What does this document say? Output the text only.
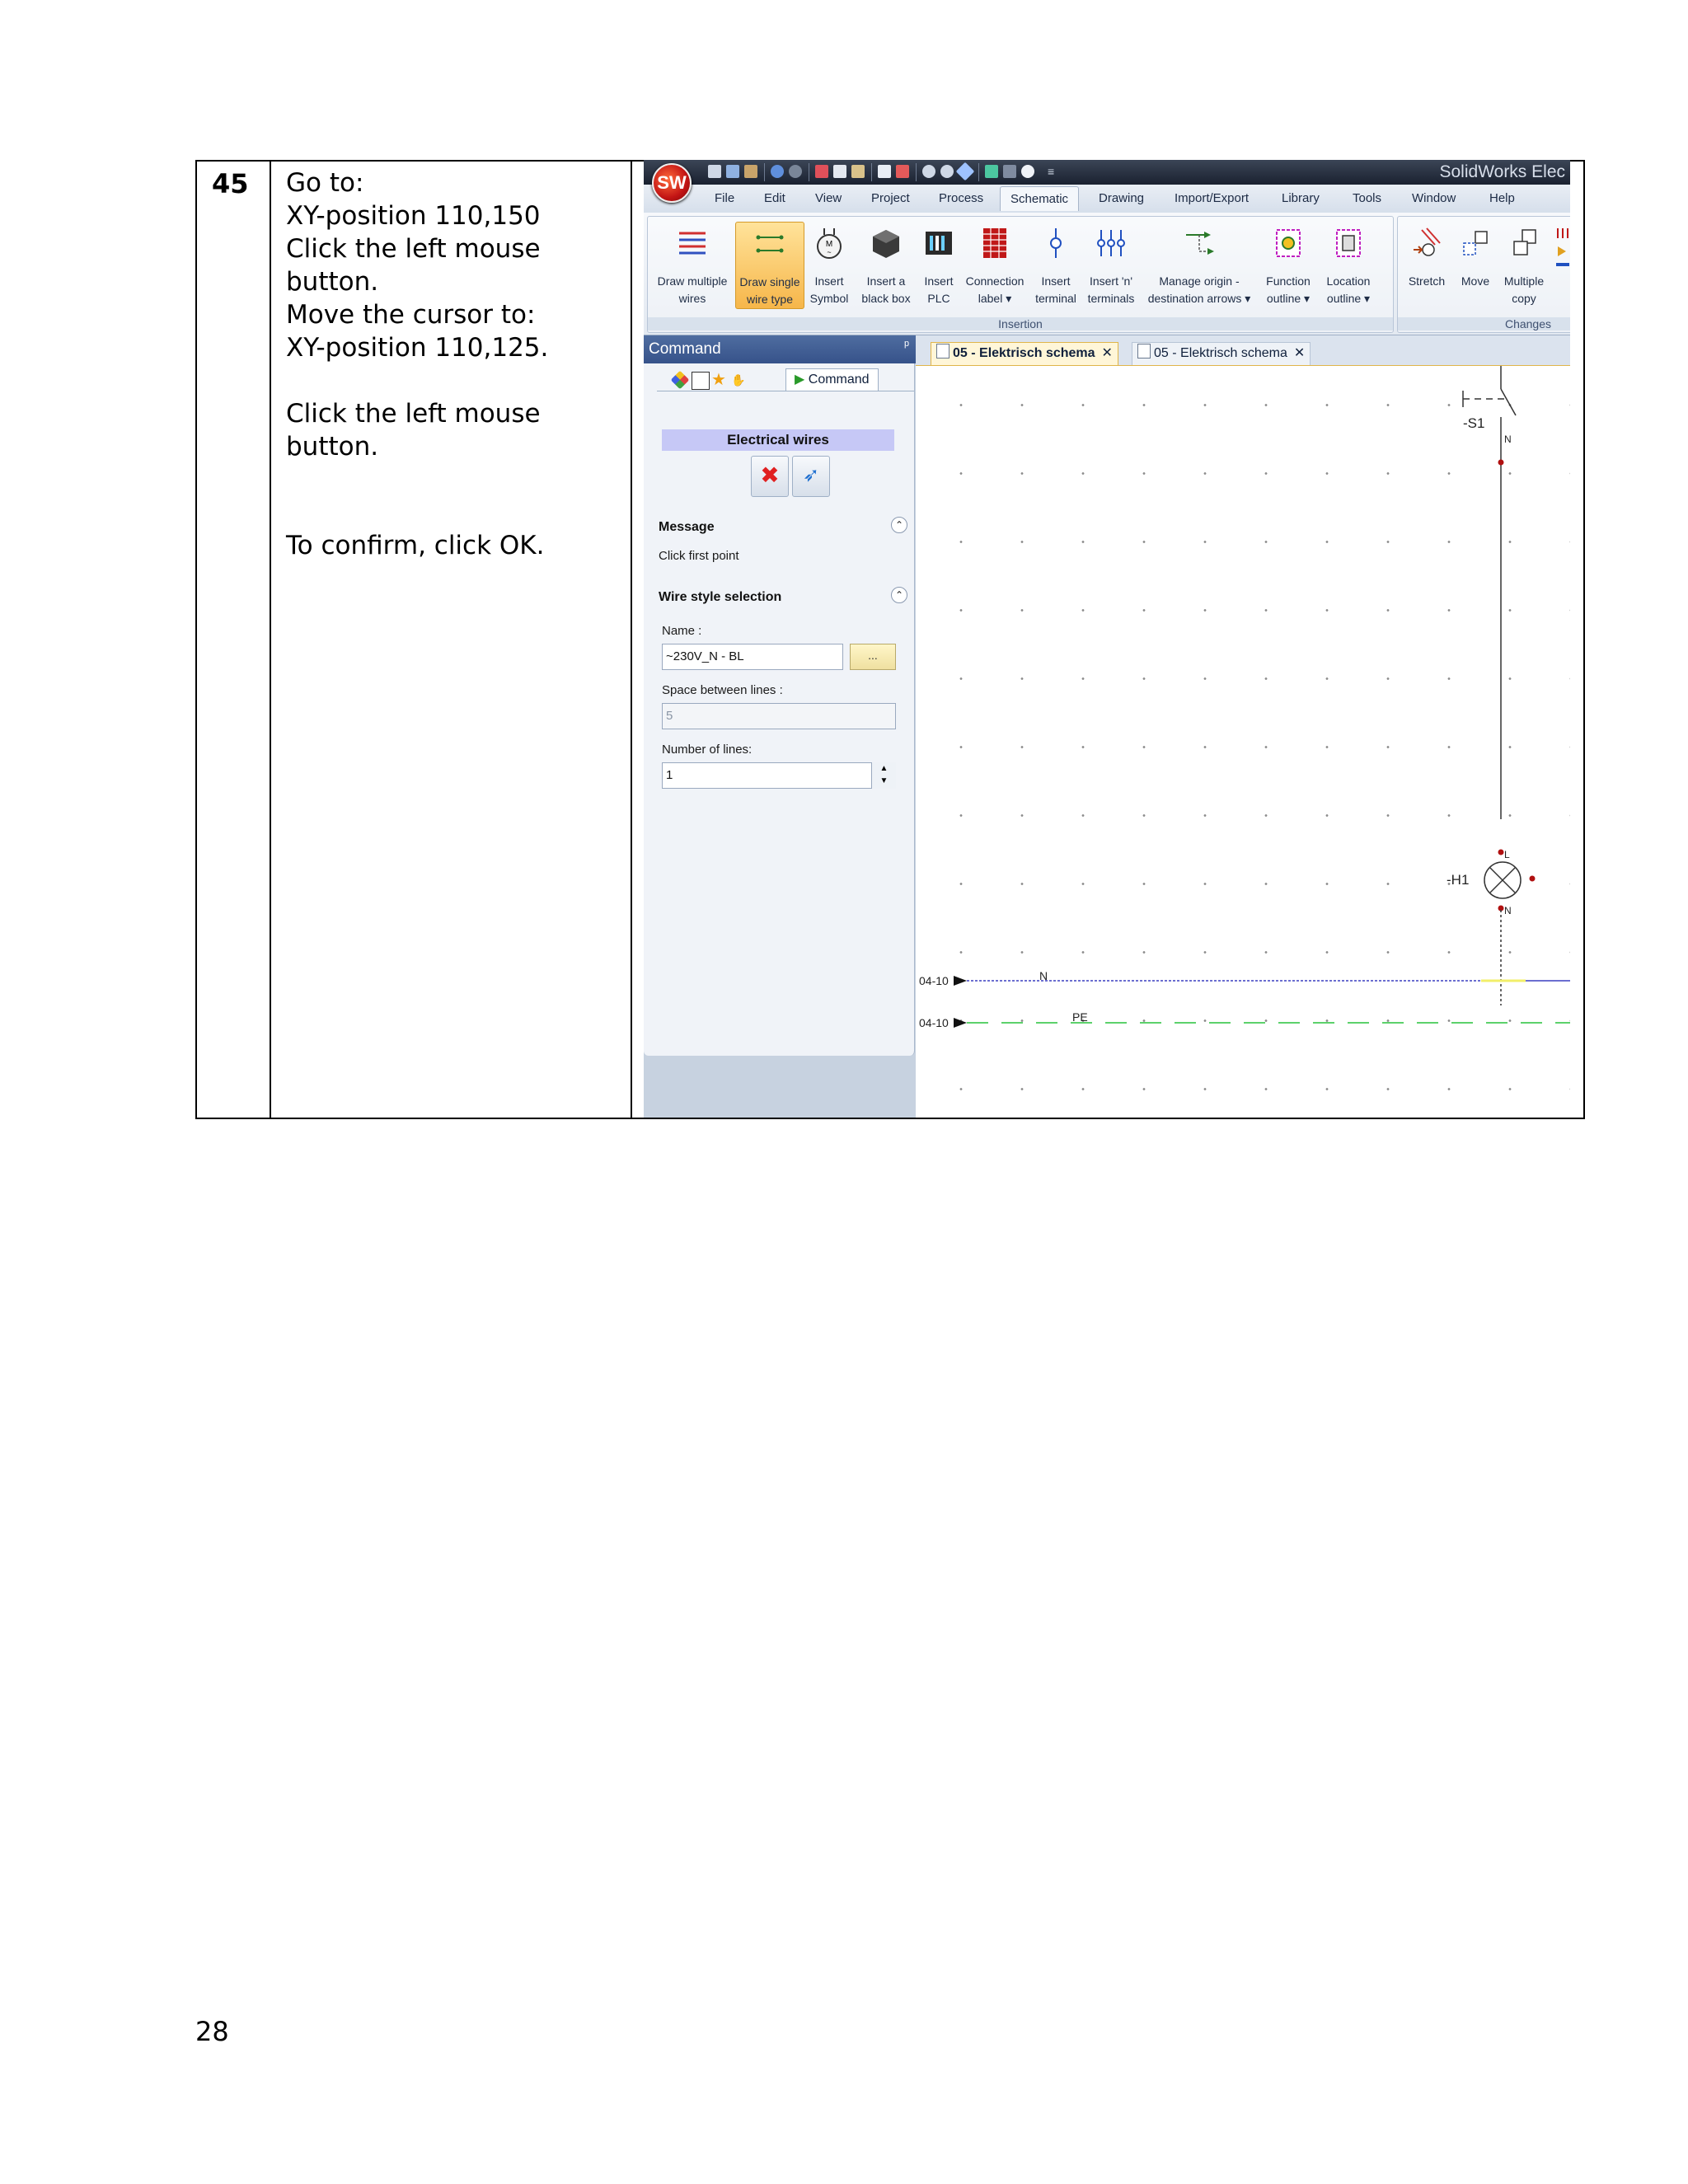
45 Go to:
XY-position 110,150
Click the left mouse
button.
Move the cursor to:
XY-position 110,125.
Click the left mouse
button.
To confirm, click OK.
≡	SolidWorks Elec
SW
File Edit View Project Process	Schematic	Drawing Import/Export	Library	Tools Window	Help
Insertion
Draw multiple
wires
Draw single
wire type
M
~
Insert
Symbol
Insert a
black box
Insert
PLC
Connection
label ▾
Insert
terminal
Insert 'n'
terminals
Manage origin -
destination arrows ▾
Function
outline ▾
Location
outline ▾
Changes
Stretch	Move	Multiple
copy
Command	ᵖ
★ ✋	▶ Command
Electrical wires
✖	➶
Message	⌃
Click first point
Wire style selection	⌃
Name :
~230V_N - BL	...
Space between lines :
5
Number of lines:
1	▲
▼
05 - Elektrisch schema ✕	05 - Elektrisch schema ✕
-S1
N
L
-H1
N
N
04-10
PE
04-10
28
